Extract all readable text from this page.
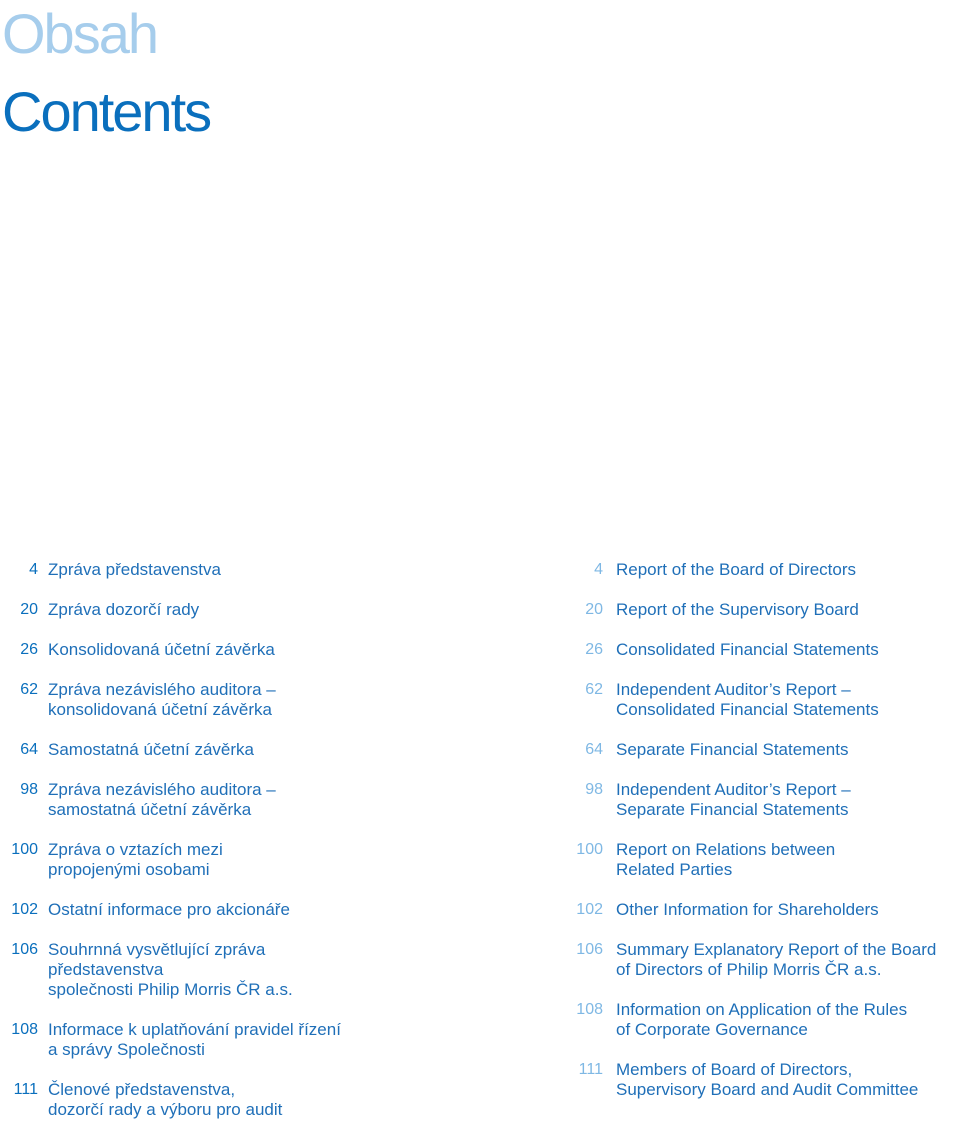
Obsah
Contents
4 Zpráva představenstva
20 Zpráva dozorčí rady
26 Konsolidovaná účetní závěrka
62 Zpráva nezávislého auditora –
konsolidovaná účetní závěrka
64 Samostatná účetní závěrka
98 Zpráva nezávislého auditora –
samostatná účetní závěrka
100 Zpráva o vztazích mezi
propojenými osobami
102 Ostatní informace pro akcionáře
106 Souhrnná vysvětlující zpráva
představenstva
společnosti Philip Morris ČR a.s.
108 Informace k uplatňování pravidel řízení
a správy Společnosti
111 Členové představenstva,
dozorčí rady a výboru pro audit
4 Report of the Board of Directors
20 Report of the Supervisory Board
26 Consolidated Financial Statements
62 Independent Auditor’s Report –
Consolidated Financial Statements
64 Separate Financial Statements
98 Independent Auditor’s Report –
Separate Financial Statements
100 Report on Relations between
Related Parties
102 Other Information for Shareholders
106 Summary Explanatory Report of the Board
of Directors of Philip Morris ČR a.s.
108 Information on Application of the Rules
of Corporate Governance
111 Members of Board of Directors,
Supervisory Board and Audit Committee
